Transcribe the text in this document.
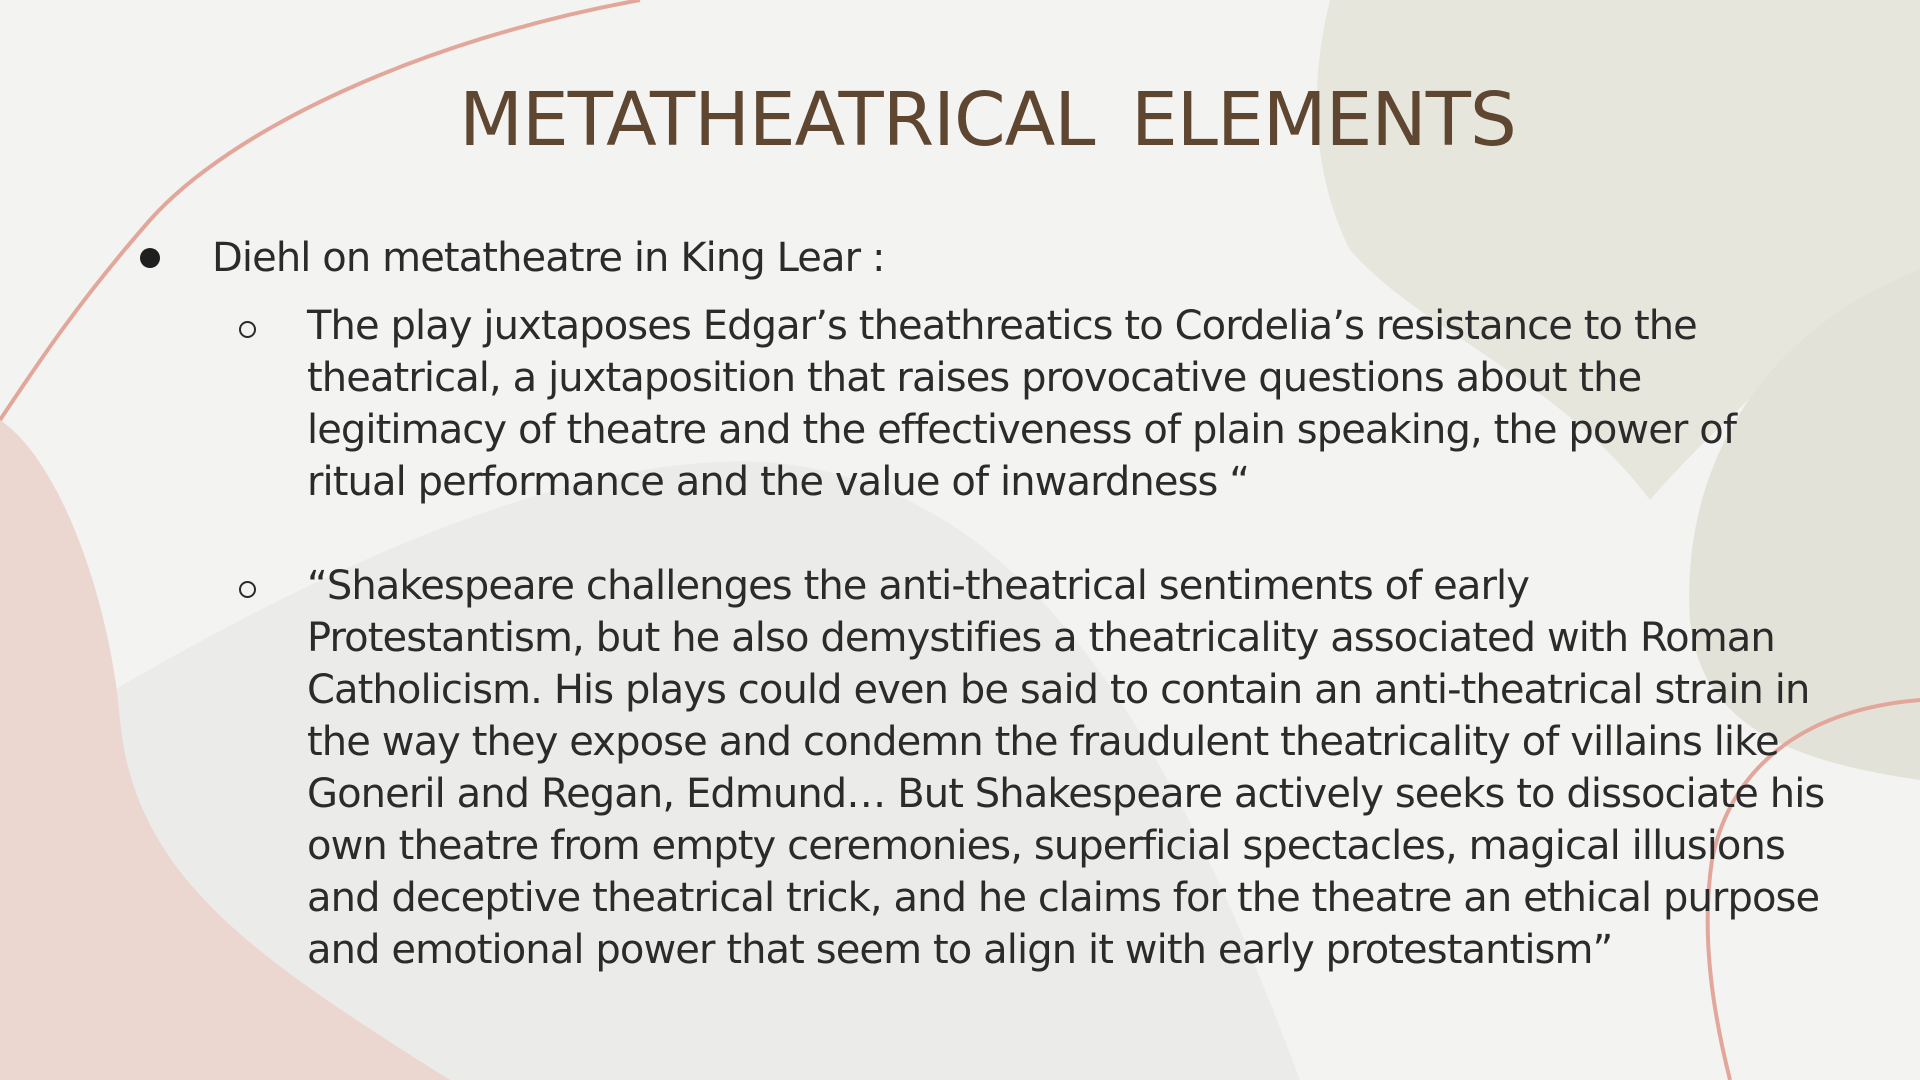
METATHEATRICAL ELEMENTS
Diehl on metatheatre in King Lear :
The play juxtaposes Edgar’s theathreatics to Cordelia’s resistance to the
theatrical, a juxtaposition that raises provocative questions about the
legitimacy of theatre and the effectiveness of plain speaking, the power of
ritual performance and the value of inwardness “
“Shakespeare challenges the anti-theatrical sentiments of early
Protestantism, but he also demystifies a theatricality associated with Roman
Catholicism. His plays could even be said to contain an anti-theatrical strain in
the way they expose and condemn the fraudulent theatricality of villains like
Goneril and Regan, Edmund… But Shakespeare actively seeks to dissociate his
own theatre from empty ceremonies, superficial spectacles, magical illusions
and deceptive theatrical trick, and he claims for the theatre an ethical purpose
and emotional power that seem to align it with early protestantism”
